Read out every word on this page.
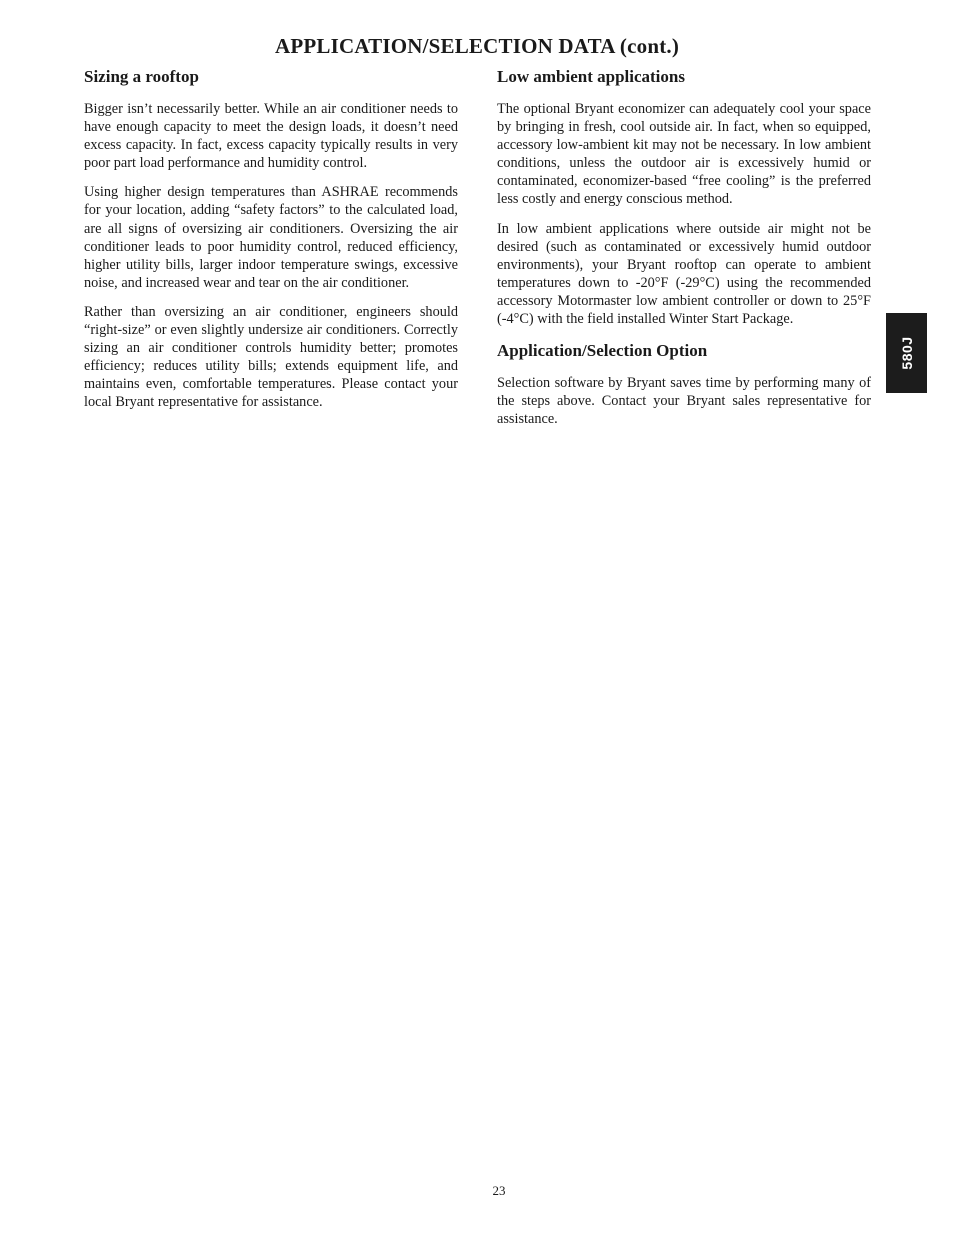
APPLICATION/SELECTION DATA (cont.)
Sizing a rooftop

Bigger isn’t necessarily better. While an air conditioner needs to have enough capacity to meet the design loads, it doesn’t need excess capacity. In fact, excess capacity typically results in very poor part load performance and humidity control.

Using higher design temperatures than ASHRAE recommends for your location, adding “safety factors” to the calculated load, are all signs of oversizing air conditioners. Oversizing the air conditioner leads to poor humidity control, reduced efficiency, higher utility bills, larger indoor temperature swings, excessive noise, and increased wear and tear on the air conditioner.

Rather than oversizing an air conditioner, engineers should “right-size” or even slightly undersize air conditioners. Correctly sizing an air conditioner controls humidity better; promotes efficiency; reduces utility bills; extends equipment life, and maintains even, comfortable temperatures. Please contact your local Bryant representative for assistance.

Low ambient applications

The optional Bryant economizer can adequately cool your space by bringing in fresh, cool outside air. In fact, when so equipped, accessory low-ambient kit may not be necessary. In low ambient conditions, unless the outdoor air is excessively humid or contaminated, economizer-based “free cooling” is the preferred less costly and energy conscious method.

In low ambient applications where outside air might not be desired (such as contaminated or excessively humid outdoor environments), your Bryant rooftop can operate to ambient temperatures down to -20°F (-29°C) using the recommended accessory Motormaster low ambient controller or down to 25°F (-4°C) with the field installed Winter Start Package.

Application/Selection Option

Selection software by Bryant saves time by performing many of the steps above. Contact your Bryant sales representative for assistance.

580J
23
